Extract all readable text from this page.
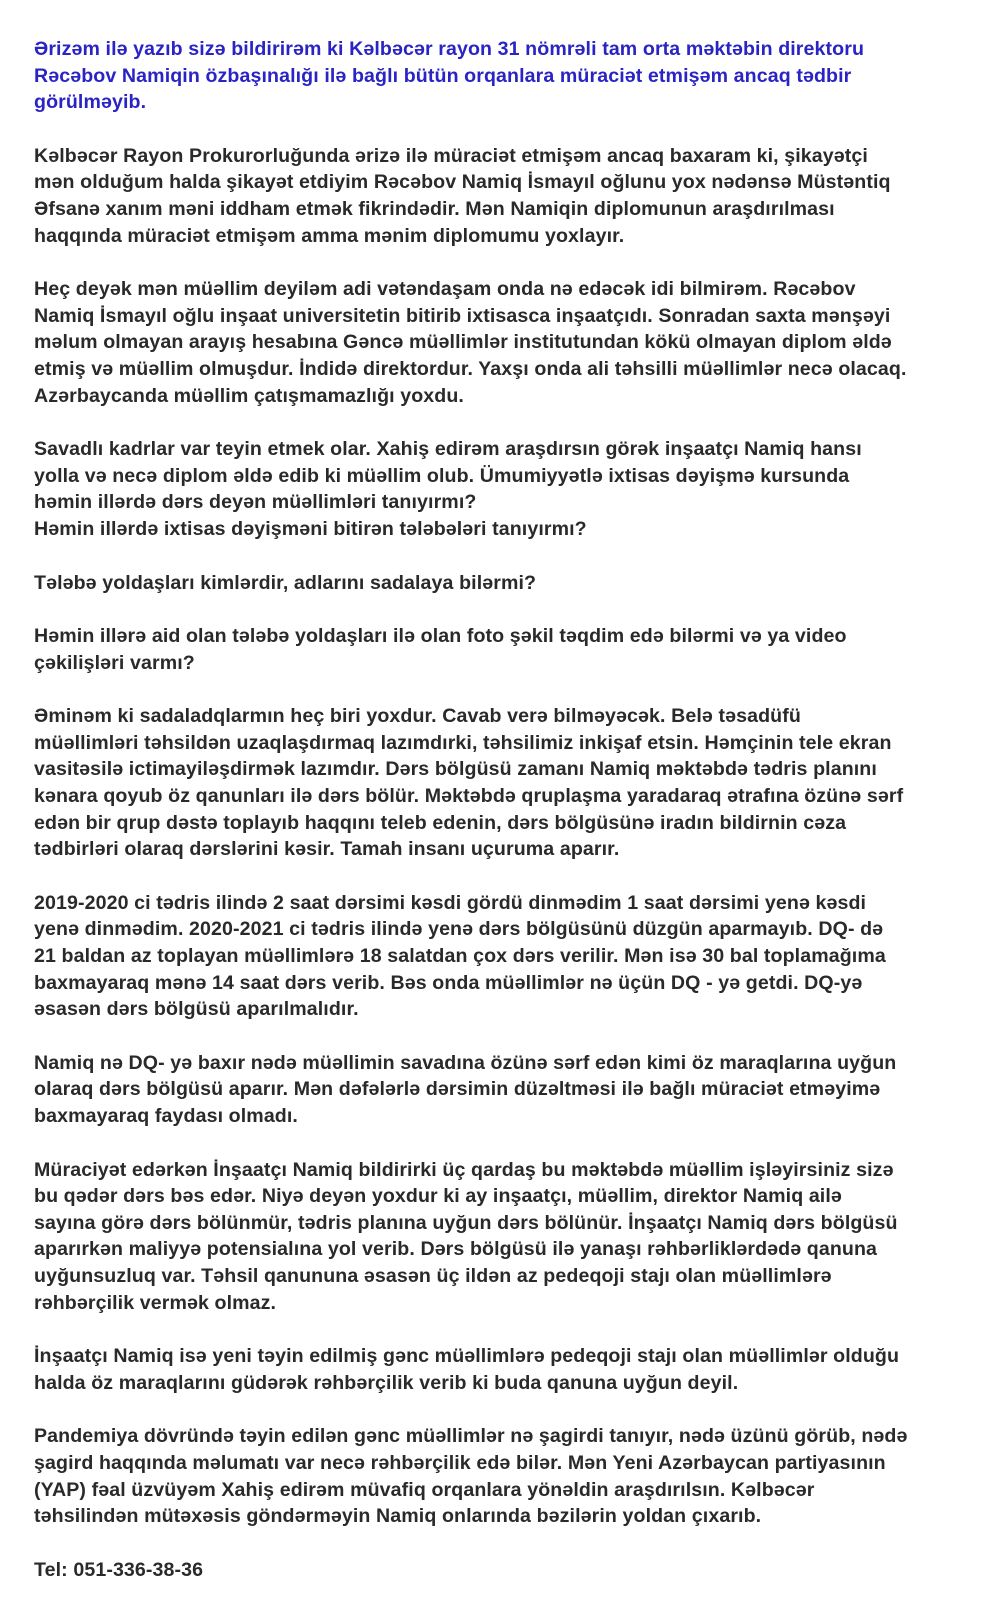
Ərizəm ilə yazıb sizə bildirirəm ki Kəlbəcər rayon 31 nömrəli tam orta məktəbin direktoru
Rəcəbov Namiqin özbaşınalığı ilə bağlı bütün orqanlara müraciət etmişəm ancaq tədbir
görülməyib.

Kəlbəcər Rayon Prokurorluğunda ərizə ilə müraciət etmişəm ancaq baxaram ki, şikayətçi
mən olduğum halda şikayət etdiyim Rəcəbov Namiq İsmayıl oğlunu yox nədənsə Müstəntiq
Əfsanə xanım məni iddham etmək fikrindədir. Mən Namiqin diplomunun araşdırılması
haqqında müraciət etmişəm amma mənim diplomumu yoxlayır.

Heç deyək mən müəllim deyiləm adi vətəndaşam onda nə edəcək idi bilmirəm. Rəcəbov
Namiq İsmayıl oğlu inşaat universitetin bitirib ixtisasca inşaatçıdı. Sonradan saxta mənşəyi
məlum olmayan arayış hesabına Gəncə müəllimlər institutundan kökü olmayan diplom əldə
etmiş və müəllim olmuşdur. İndidə direktordur. Yaxşı onda ali təhsilli müəllimlər necə olacaq.
Azərbaycanda müəllim çatışmamazlığı yoxdu.

Savadlı kadrlar var teyin etmek olar. Xahiş edirəm araşdırsın görək inşaatçı Namiq hansı
yolla və necə diplom əldə edib ki müəllim olub. Ümumiyyətlə ixtisas dəyişmə kursunda
həmin illərdə dərs deyən müəllimləri tanıyırmı?
Həmin illərdə ixtisas dəyişməni bitirən tələbələri tanıyırmı?

Tələbə yoldaşları kimlərdir, adlarını sadalaya bilərmi?

Həmin illərə aid olan tələbə yoldaşları ilə olan foto şəkil təqdim edə bilərmi və ya video
çəkilişləri varmı?

Əminəm ki sadaladqlarmın heç biri yoxdur. Cavab verə bilməyəcək. Belə təsadüfü
müəllimləri təhsildən uzaqlaşdırmaq lazımdırki, təhsilimiz inkişaf etsin. Həmçinin tele ekran
vasitəsilə ictimayiləşdirmək lazımdır. Dərs bölgüsü zamanı Namiq məktəbdə tədris planını
kənara qoyub öz qanunları ilə dərs bölür. Məktəbdə qruplaşma yaradaraq ətrafına özünə sərf
edən bir qrup dəstə toplayıb haqqını teleb edenin, dərs bölgüsünə iradın bildirnin cəza
tədbirləri olaraq dərslərini kəsir. Tamah insanı uçuruma aparır.

2019-2020 ci tədris ilində 2 saat dərsimi kəsdi gördü dinmədim 1 saat dərsimi yenə kəsdi
yenə dinmədim. 2020-2021 ci tədris ilində yenə dərs bölgüsünü düzgün aparmayıb. DQ- də
21 baldan az toplayan müəllimlərə 18 salatdan çox dərs verilir. Mən isə 30 bal toplamağıma
baxmayaraq mənə 14 saat dərs verib. Bəs onda müəllimlər nə üçün DQ - yə getdi. DQ-yə
əsasən dərs bölgüsü aparılmalıdır.

Namiq nə DQ- yə baxır nədə müəllimin savadına özünə sərf edən kimi öz maraqlarına uyğun
olaraq dərs bölgüsü aparır. Mən dəfələrlə dərsimin düzəltməsi ilə bağlı müraciət etməyimə
baxmayaraq faydası olmadı.

Müraciyət edərkən İnşaatçı Namiq bildirirki üç qardaş bu məktəbdə müəllim işləyirsiniz sizə
bu qədər dərs bəs edər. Niyə deyən yoxdur ki ay inşaatçı, müəllim, direktor Namiq ailə
sayına görə dərs bölünmür, tədris planına uyğun dərs bölünür. İnşaatçı Namiq dərs bölgüsü
aparırkən maliyyə potensialına yol verib. Dərs bölgüsü ilə yanaşı rəhbərliklərdədə qanuna
uyğunsuzluq var. Təhsil qanununa əsasən üç ildən az pedeqoji stajı olan müəllimlərə
rəhbərçilik vermək olmaz.

İnşaatçı Namiq isə yeni təyin edilmiş gənc müəllimlərə pedeqoji stajı olan müəllimlər olduğu
halda öz maraqlarını güdərək rəhbərçilik verib ki buda qanuna uyğun deyil.

Pandemiya dövründə təyin edilən gənc müəllimlər nə şagirdi tanıyır, nədə üzünü görüb, nədə
şagird haqqında məlumatı var necə rəhbərçilik edə bilər. Mən Yeni Azərbaycan partiyasının
(YAP) fəal üzvüyəm Xahiş edirəm müvafiq orqanlara yönəldin araşdırılsın. Kəlbəcər
təhsilindən mütəxəsis göndərməyin Namiq onlarında bəzilərin yoldan çıxarıb.

Tel: 051-336-38-36
